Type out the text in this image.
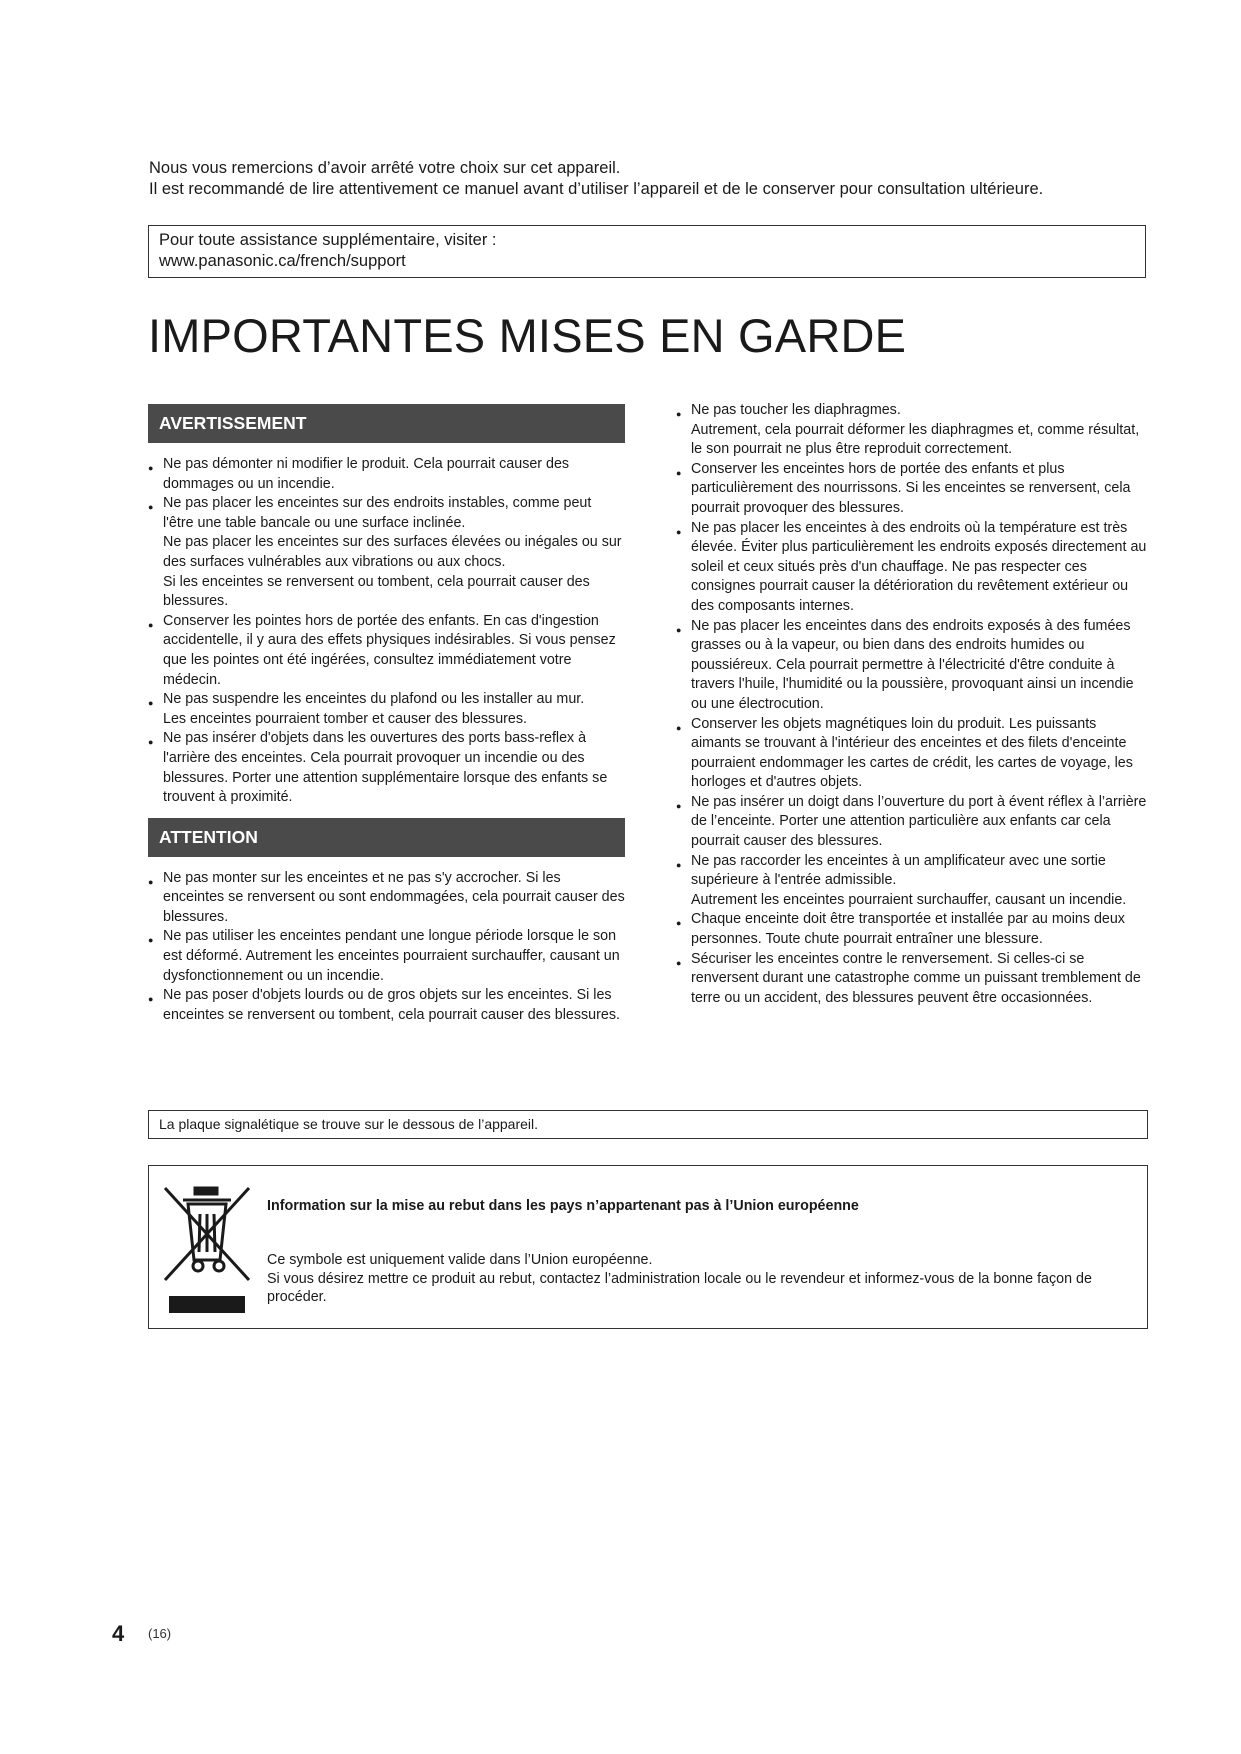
Nous vous remercions d’avoir arrêté votre choix sur cet appareil.

Il est recommandé de lire attentivement ce manuel avant d’utiliser l’appareil et de le conserver pour consultation ultérieure.

Pour toute assistance supplémentaire, visiter :
www.panasonic.ca/french/support
IMPORTANTES MISES EN GARDE
AVERTISSEMENT
● Ne pas démonter ni modifier le produit. Cela pourrait causer des dommages ou un incendie.
● Ne pas placer les enceintes sur des endroits instables, comme peut l'être une table bancale ou une surface inclinée.
Ne pas placer les enceintes sur des surfaces élevées ou inégales ou sur des surfaces vulnérables aux vibrations ou aux chocs.
Si les enceintes se renversent ou tombent, cela pourrait causer des blessures.
● Conserver les pointes hors de portée des enfants. En cas d'ingestion accidentelle, il y aura des effets physiques indésirables. Si vous pensez que les pointes ont été ingérées, consultez immédiatement votre médecin.
● Ne pas suspendre les enceintes du plafond ou les installer au mur.
Les enceintes pourraient tomber et causer des blessures.
● Ne pas insérer d'objets dans les ouvertures des ports bass-reflex à l'arrière des enceintes. Cela pourrait provoquer un incendie ou des blessures. Porter une attention supplémentaire lorsque des enfants se trouvent à proximité.
ATTENTION
● Ne pas monter sur les enceintes et ne pas s'y accrocher. Si les enceintes se renversent ou sont endommagées, cela pourrait causer des blessures.
● Ne pas utiliser les enceintes pendant une longue période lorsque le son est déformé. Autrement les enceintes pourraient surchauffer, causant un dysfonctionnement ou un incendie.
● Ne pas poser d'objets lourds ou de gros objets sur les enceintes. Si les enceintes se renversent ou tombent, cela pourrait causer des blessures.
● Ne pas toucher les diaphragmes.
Autrement, cela pourrait déformer les diaphragmes et, comme résultat, le son pourrait ne plus être reproduit correctement.
● Conserver les enceintes hors de portée des enfants et plus particulièrement des nourrissons. Si les enceintes se renversent, cela pourrait provoquer des blessures.
● Ne pas placer les enceintes à des endroits où la température est très élevée. Éviter plus particulièrement les endroits exposés directement au soleil et ceux situés près d'un chauffage. Ne pas respecter ces consignes pourrait causer la détérioration du revêtement extérieur ou des composants internes.
● Ne pas placer les enceintes dans des endroits exposés à des fumées grasses ou à la vapeur, ou bien dans des endroits humides ou poussiéreux. Cela pourrait permettre à l'électricité d'être conduite à travers l'huile, l'humidité ou la poussière, provoquant ainsi un incendie ou une électrocution.
● Conserver les objets magnétiques loin du produit. Les puissants aimants se trouvant à l'intérieur des enceintes et des filets d'enceinte pourraient endommager les cartes de crédit, les cartes de voyage, les horloges et d'autres objets.
● Ne pas insérer un doigt dans l’ouverture du port à évent réflex à l’arrière de l’enceinte. Porter une attention particulière aux enfants car cela pourrait causer des blessures.
● Ne pas raccorder les enceintes à un amplificateur avec une sortie supérieure à l'entrée admissible.
Autrement les enceintes pourraient surchauffer, causant un incendie.
● Chaque enceinte doit être transportée et installée par au moins deux personnes. Toute chute pourrait entraîner une blessure.
● Sécuriser les enceintes contre le renversement. Si celles-ci se renversent durant une catastrophe comme un puissant tremblement de terre ou un accident, des blessures peuvent être occasionnées.
La plaque signalétique se trouve sur le dessous de l’appareil.
Information sur la mise au rebut dans les pays n’appartenant pas à l’Union européenne
Ce symbole est uniquement valide dans l’Union européenne.
Si vous désirez mettre ce produit au rebut, contactez l’administration locale ou le revendeur et informez-vous de la bonne façon de procéder.
4 (16)
